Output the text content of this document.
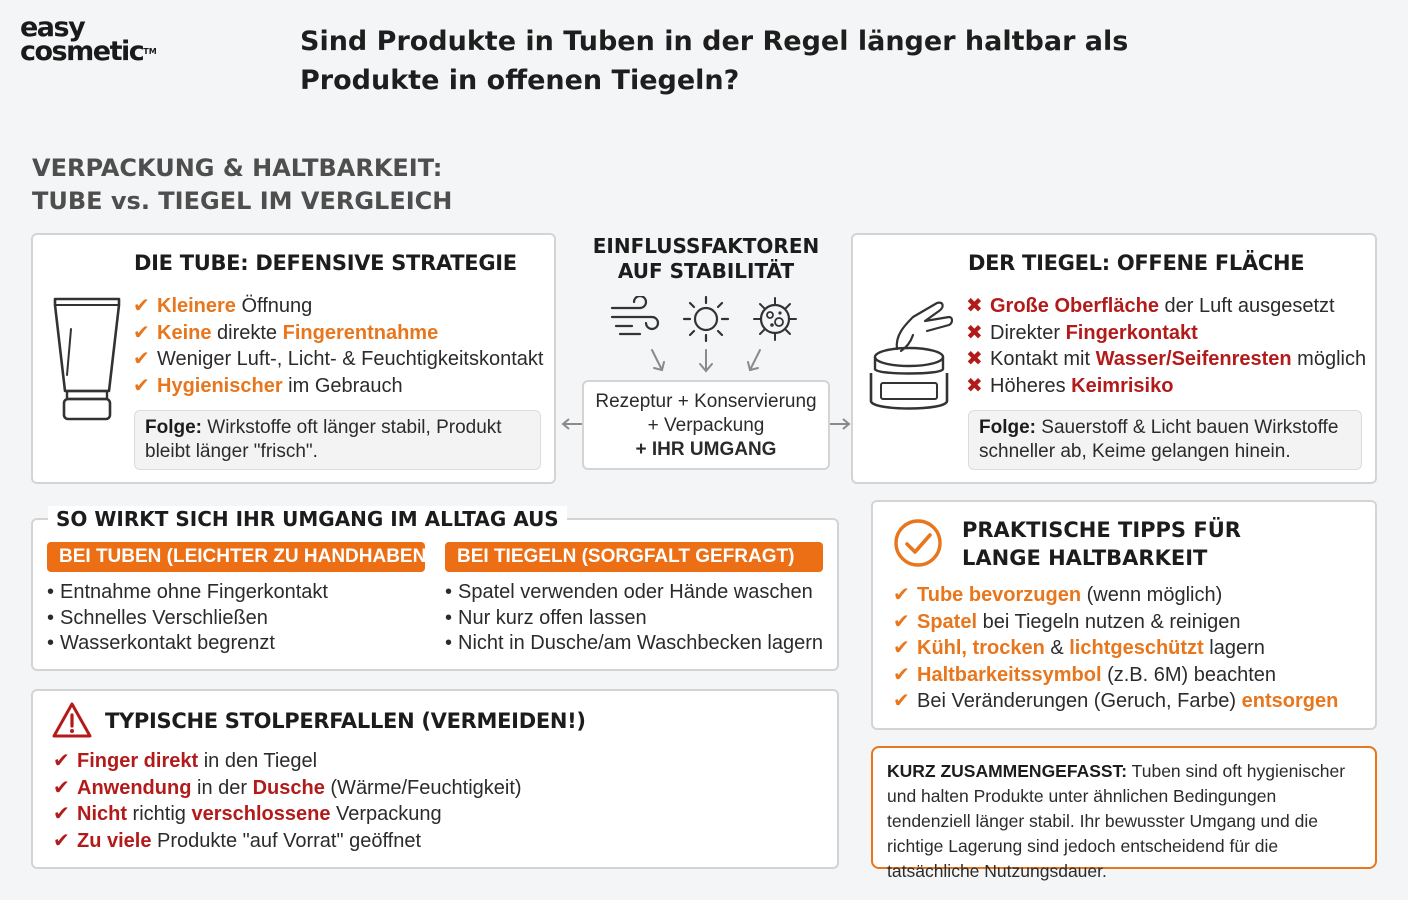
easy
cosmetic™	Sind Produkte in Tuben in der Regel länger haltbar als
Produkte in offenen Tiegeln?
VERPACKUNG & HALTBARKEIT:
TUBE vs. TIEGEL IM VERGLEICH
DIE TUBE: DEFENSIVE STRATEGIE
✔ Kleinere Öffnung
✔ Keine direkte Fingerentnahme
✔ Weniger Luft-, Licht- & Feuchtigkeitskontakt
✔ Hygienischer im Gebrauch
Folge: Wirkstoffe oft länger stabil, Produkt bleibt länger "frisch".
EINFLUSSFAKTOREN
AUF STABILITÄT
Rezeptur + Konservierung
+ Verpackung
+ IHR UMGANG
DER TIEGEL: OFFENE FLÄCHE
✖ Große Oberfläche der Luft ausgesetzt
✖ Direkter Fingerkontakt
✖ Kontakt mit Wasser/Seifenresten möglich
✖ Höheres Keimrisiko
Folge: Sauerstoff & Licht bauen Wirkstoffe schneller ab, Keime gelangen hinein.
SO WIRKT SICH IHR UMGANG IM ALLTAG AUS
BEI TUBEN (LEICHTER ZU HANDHABEN)	BEI TIEGELN (SORGFALT GEFRAGT)
• Entnahme ohne Fingerkontakt
• Schnelles Verschließen
• Wasserkontakt begrenzt
• Spatel verwenden oder Hände waschen
• Nur kurz offen lassen
• Nicht in Dusche/am Waschbecken lagern
TYPISCHE STOLPERFALLEN (VERMEIDEN!)
✔ Finger direkt in den Tiegel
✔ Anwendung in der Dusche (Wärme/Feuchtigkeit)
✔ Nicht richtig verschlossene Verpackung
✔ Zu viele Produkte "auf Vorrat" geöffnet
✔ Tube bevorzugen (wenn möglich)
✔ Spatel bei Tiegeln nutzen & reinigen
✔ Kühl, trocken & lichtgeschützt lagern
✔ Haltbarkeitssymbol (z.B. 6M) beachten
✔ Bei Veränderungen (Geruch, Farbe) entsorgen
PRAKTISCHE TIPPS FÜR
LANGE HALTBARKEIT
KURZ ZUSAMMENGEFASST: Tuben sind oft hygienischer und halten Produkte unter ähnlichen Bedingungen tendenziell länger stabil. Ihr bewusster Umgang und die richtige Lagerung sind jedoch entscheidend für die tatsächliche Nutzungsdauer.
